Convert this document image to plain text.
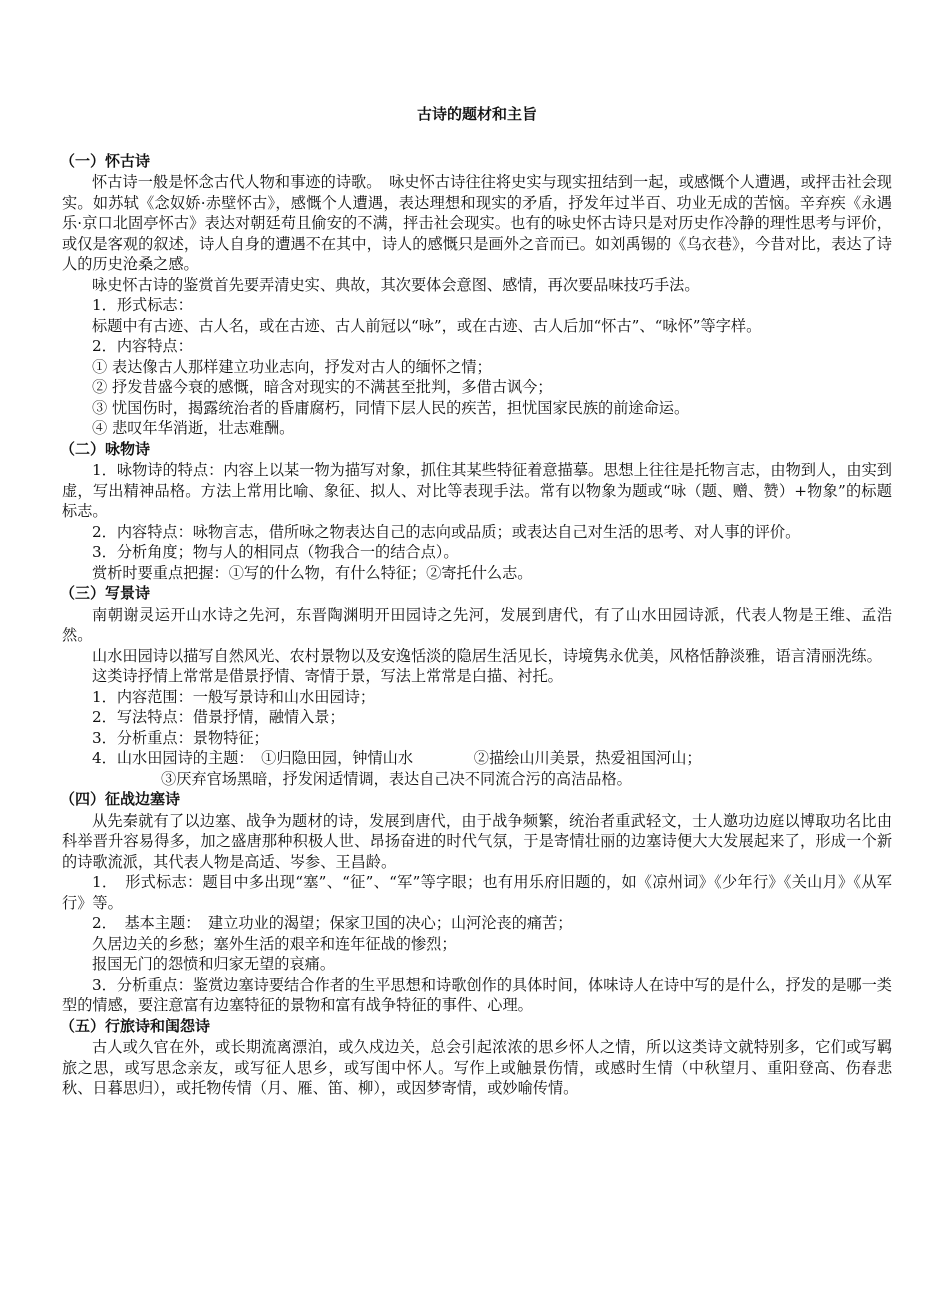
古诗的题材和主旨
（一）怀古诗

怀古诗一般是怀念古代人物和事迹的诗歌。　咏史怀古诗往往将史实与现实扭结到一起，或感慨个人遭遇，或抨击社会现实。如苏轼《念奴娇·赤壁怀古》，感慨个人遭遇，表达理想和现实的矛盾，抒发年过半百、功业无成的苦恼。辛弃疾《永遇乐·京口北固亭怀古》表达对朝廷苟且偷安的不满，抨击社会现实。也有的咏史怀古诗只是对历史作冷静的理性思考与评价，或仅是客观的叙述，诗人自身的遭遇不在其中，诗人的感慨只是画外之音而已。如刘禹锡的《乌衣巷》，今昔对比，表达了诗人的历史沧桑之感。

咏史怀古诗的鉴赏首先要弄清史实、典故，其次要体会意图、感情，再次要品味技巧手法。

1．形式标志：

标题中有古迹、古人名，或在古迹、古人前冠以“咏”，或在古迹、古人后加“怀古”、“咏怀”等字样。

2．内容特点：

① 表达像古人那样建立功业志向，抒发对古人的缅怀之情；

② 抒发昔盛今衰的感慨，暗含对现实的不满甚至批判，多借古讽今；

③ 忧国伤时，揭露统治者的昏庸腐朽，同情下层人民的疾苦，担忧国家民族的前途命运。

④ 悲叹年华消逝，壮志难酬。

（二）咏物诗

1．咏物诗的特点：内容上以某一物为描写对象，抓住其某些特征着意描摹。思想上往往是托物言志，由物到人，由实到虚，写出精神品格。方法上常用比喻、象征、拟人、对比等表现手法。常有以物象为题或“咏（题、赠、赞）+物象”的标题标志。

2．内容特点：咏物言志，借所咏之物表达自己的志向或品质；或表达自己对生活的思考、对人事的评价。

3．分析角度；物与人的相同点（物我合一的结合点）。

赏析时要重点把握：①写的什么物，有什么特征；②寄托什么志。

（三）写景诗

南朝谢灵运开山水诗之先河，东晋陶渊明开田园诗之先河，发展到唐代，有了山水田园诗派，代表人物是王维、孟浩然。

山水田园诗以描写自然风光、农村景物以及安逸恬淡的隐居生活见长，诗境隽永优美，风格恬静淡雅，语言清丽洗练。

这类诗抒情上常常是借景抒情、寄情于景，写法上常常是白描、衬托。

1．内容范围：一般写景诗和山水田园诗；

2．写法特点：借景抒情，融情入景；

3．分析重点：景物特征；

4．山水田园诗的主题：　①归隐田园，钟情山水　　　　②描绘山川美景，热爱祖国河山；

③厌弃官场黑暗，抒发闲适情调，表达自己决不同流合污的高洁品格。

（四）征战边塞诗

从先秦就有了以边塞、战争为题材的诗，发展到唐代，由于战争频繁，统治者重武轻文，士人邀功边庭以博取功名比由科举晋升容易得多，加之盛唐那种积极人世、昂扬奋进的时代气氛，于是寄情壮丽的边塞诗便大大发展起来了，形成一个新的诗歌流派，其代表人物是高适、岑参、王昌龄。

1．　形式标志：题目中多出现“塞”、“征”、“军”等字眼；也有用乐府旧题的，如《凉州词》《少年行》《关山月》《从军行》等。

2．　基本主题：　建立功业的渴望；保家卫国的决心；山河沦丧的痛苦；

久居边关的乡愁；塞外生活的艰辛和连年征战的惨烈；

报国无门的怨愤和归家无望的哀痛。

3．分析重点：鉴赏边塞诗要结合作者的生平思想和诗歌创作的具体时间，体味诗人在诗中写的是什么，抒发的是哪一类型的情感，要注意富有边塞特征的景物和富有战争特征的事件、心理。

（五）行旅诗和闺怨诗

古人或久官在外，或长期流离漂泊，或久戍边关，总会引起浓浓的思乡怀人之情，所以这类诗文就特别多，它们或写羁旅之思，或写思念亲友，或写征人思乡，或写闺中怀人。写作上或触景伤情，或感时生情（中秋望月、重阳登高、伤春悲秋、日暮思归），或托物传情（月、雁、笛、柳），或因梦寄情，或妙喻传情。
